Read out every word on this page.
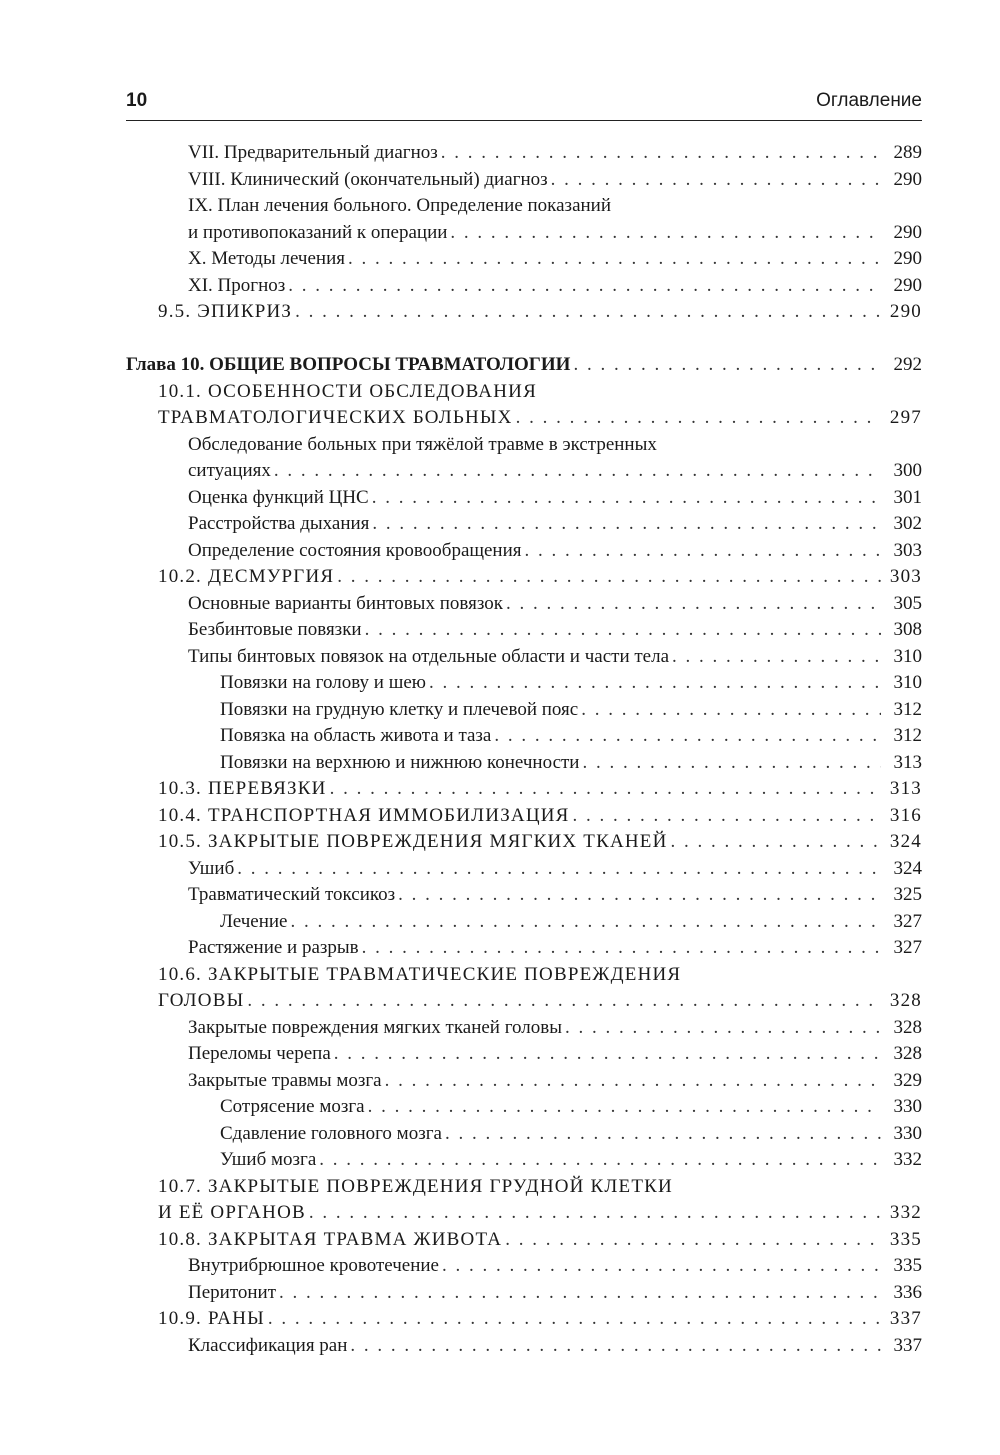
10	Оглавление
VII. Предварительный диагноз . . .	289
VIII. Клинический (окончательный) диагноз . . .	290
IX. План лечения больного. Определение показаний
и противопоказаний к операции . . .	290
X. Методы лечения . . .	290
XI. Прогноз . . .	290
9.5. ЭПИКРИЗ . . .	290
Глава 10. ОБЩИЕ ВОПРОСЫ ТРАВМАТОЛОГИИ . . .	292
10.1. ОСОБЕННОСТИ ОБСЛЕДОВАНИЯ
ТРАВМАТОЛОГИЧЕСКИХ БОЛЬНЫХ . . .	297
Обследование больных при тяжёлой травме в экстренных
ситуациях . . .	300
Оценка функций ЦНС . . .	301
Расстройства дыхания . . .	302
Определение состояния кровообращения . . .	303
10.2. ДЕСМУРГИЯ . . .	303
Основные варианты бинтовых повязок . . .	305
Безбинтовые повязки . . .	308
Типы бинтовых повязок на отдельные области и части тела . . .	310
Повязки на голову и шею . . .	310
Повязки на грудную клетку и плечевой пояс . . .	312
Повязка на область живота и таза . . .	312
Повязки на верхнюю и нижнюю конечности . . .	313
10.3. ПЕРЕВЯЗКИ . . .	313
10.4. ТРАНСПОРТНАЯ ИММОБИЛИЗАЦИЯ . . .	316
10.5. ЗАКРЫТЫЕ ПОВРЕЖДЕНИЯ МЯГКИХ ТКАНЕЙ . . .	324
Ушиб . . .	324
Травматический токсикоз . . .	325
Лечение . . .	327
Растяжение и разрыв . . .	327
10.6. ЗАКРЫТЫЕ ТРАВМАТИЧЕСКИЕ ПОВРЕЖДЕНИЯ
ГОЛОВЫ . . .	328
Закрытые повреждения мягких тканей головы . . .	328
Переломы черепа . . .	328
Закрытые травмы мозга . . .	329
Сотрясение мозга . . .	330
Сдавление головного мозга . . .	330
Ушиб мозга . . .	332
10.7. ЗАКРЫТЫЕ ПОВРЕЖДЕНИЯ ГРУДНОЙ КЛЕТКИ
И ЕЁ ОРГАНОВ . . .	332
10.8. ЗАКРЫТАЯ ТРАВМА ЖИВОТА . . .	335
Внутрибрюшное кровотечение . . .	335
Перитонит . . .	336
10.9. РАНЫ . . .	337
Классификация ран . . .	337
